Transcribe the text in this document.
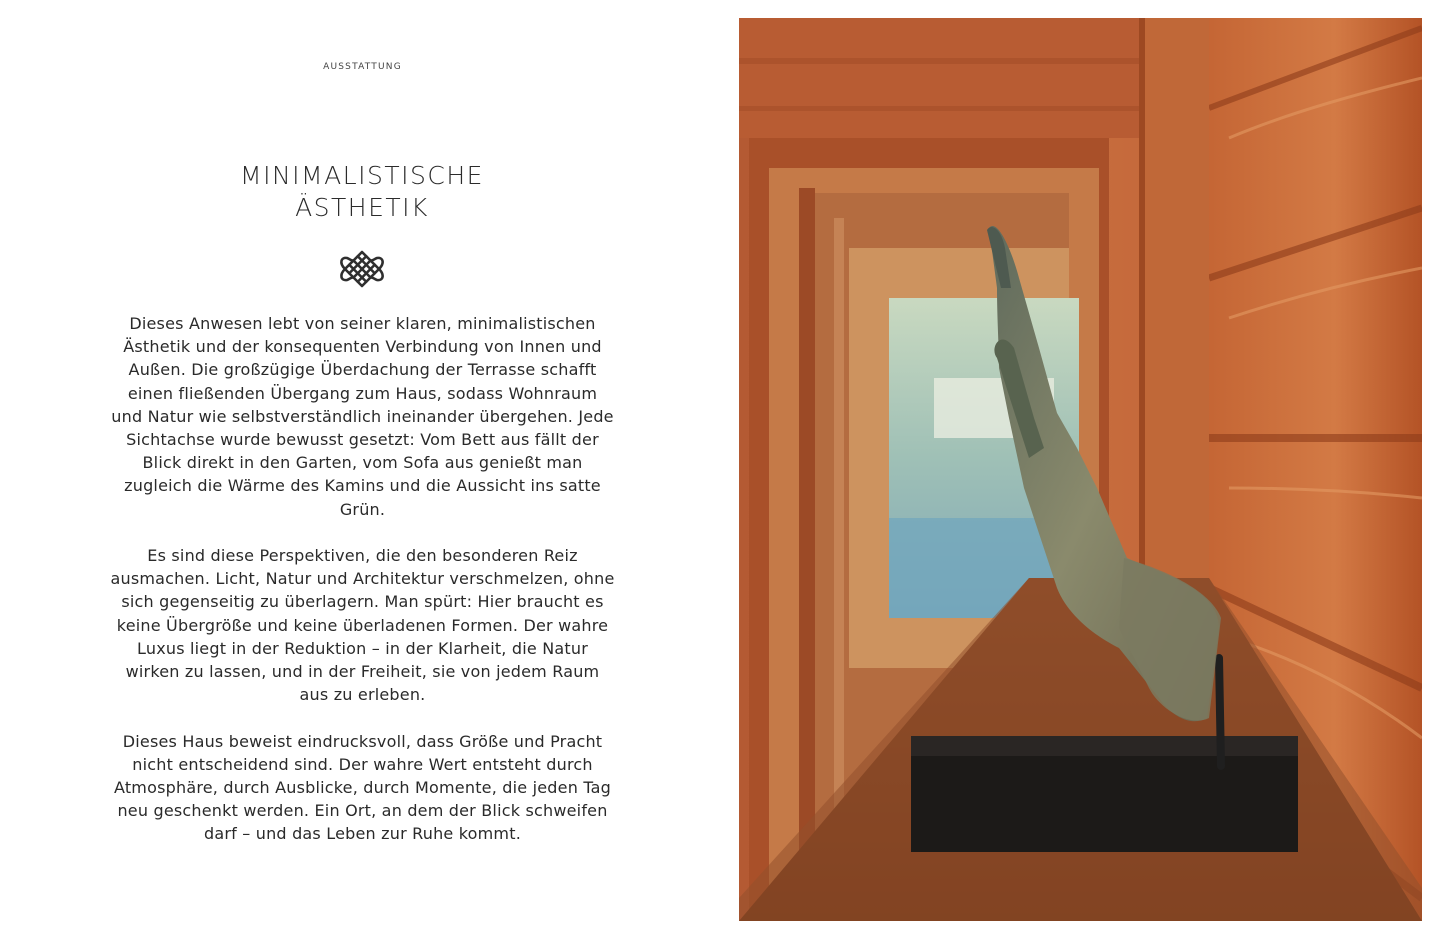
AUSSTATTUNG
MINIMALISTISCHE
ÄSTHETIK

Dieses Anwesen lebt von seiner klaren, minimalistischen Ästhetik und der konsequenten Verbindung von Innen und Außen. Die großzügige Überdachung der Terrasse schafft einen fließenden Übergang zum Haus, sodass Wohnraum und Natur wie selbstverständlich ineinander übergehen. Jede Sichtachse wurde bewusst gesetzt: Vom Bett aus fällt der Blick direkt in den Garten, vom Sofa aus genießt man zugleich die Wärme des Kamins und die Aussicht ins satte Grün.

Es sind diese Perspektiven, die den besonderen Reiz ausmachen. Licht, Natur und Architektur verschmelzen, ohne sich gegenseitig zu überlagern. Man spürt: Hier braucht es keine Übergröße und keine überladenen Formen. Der wahre Luxus liegt in der Reduktion – in der Klarheit, die Natur wirken zu lassen, und in der Freiheit, sie von jedem Raum aus zu erleben.

Dieses Haus beweist eindrucksvoll, dass Größe und Pracht nicht entscheidend sind. Der wahre Wert entsteht durch Atmosphäre, durch Ausblicke, durch Momente, die jeden Tag neu geschenkt werden. Ein Ort, an dem der Blick schweifen darf – und das Leben zur Ruhe kommt.
